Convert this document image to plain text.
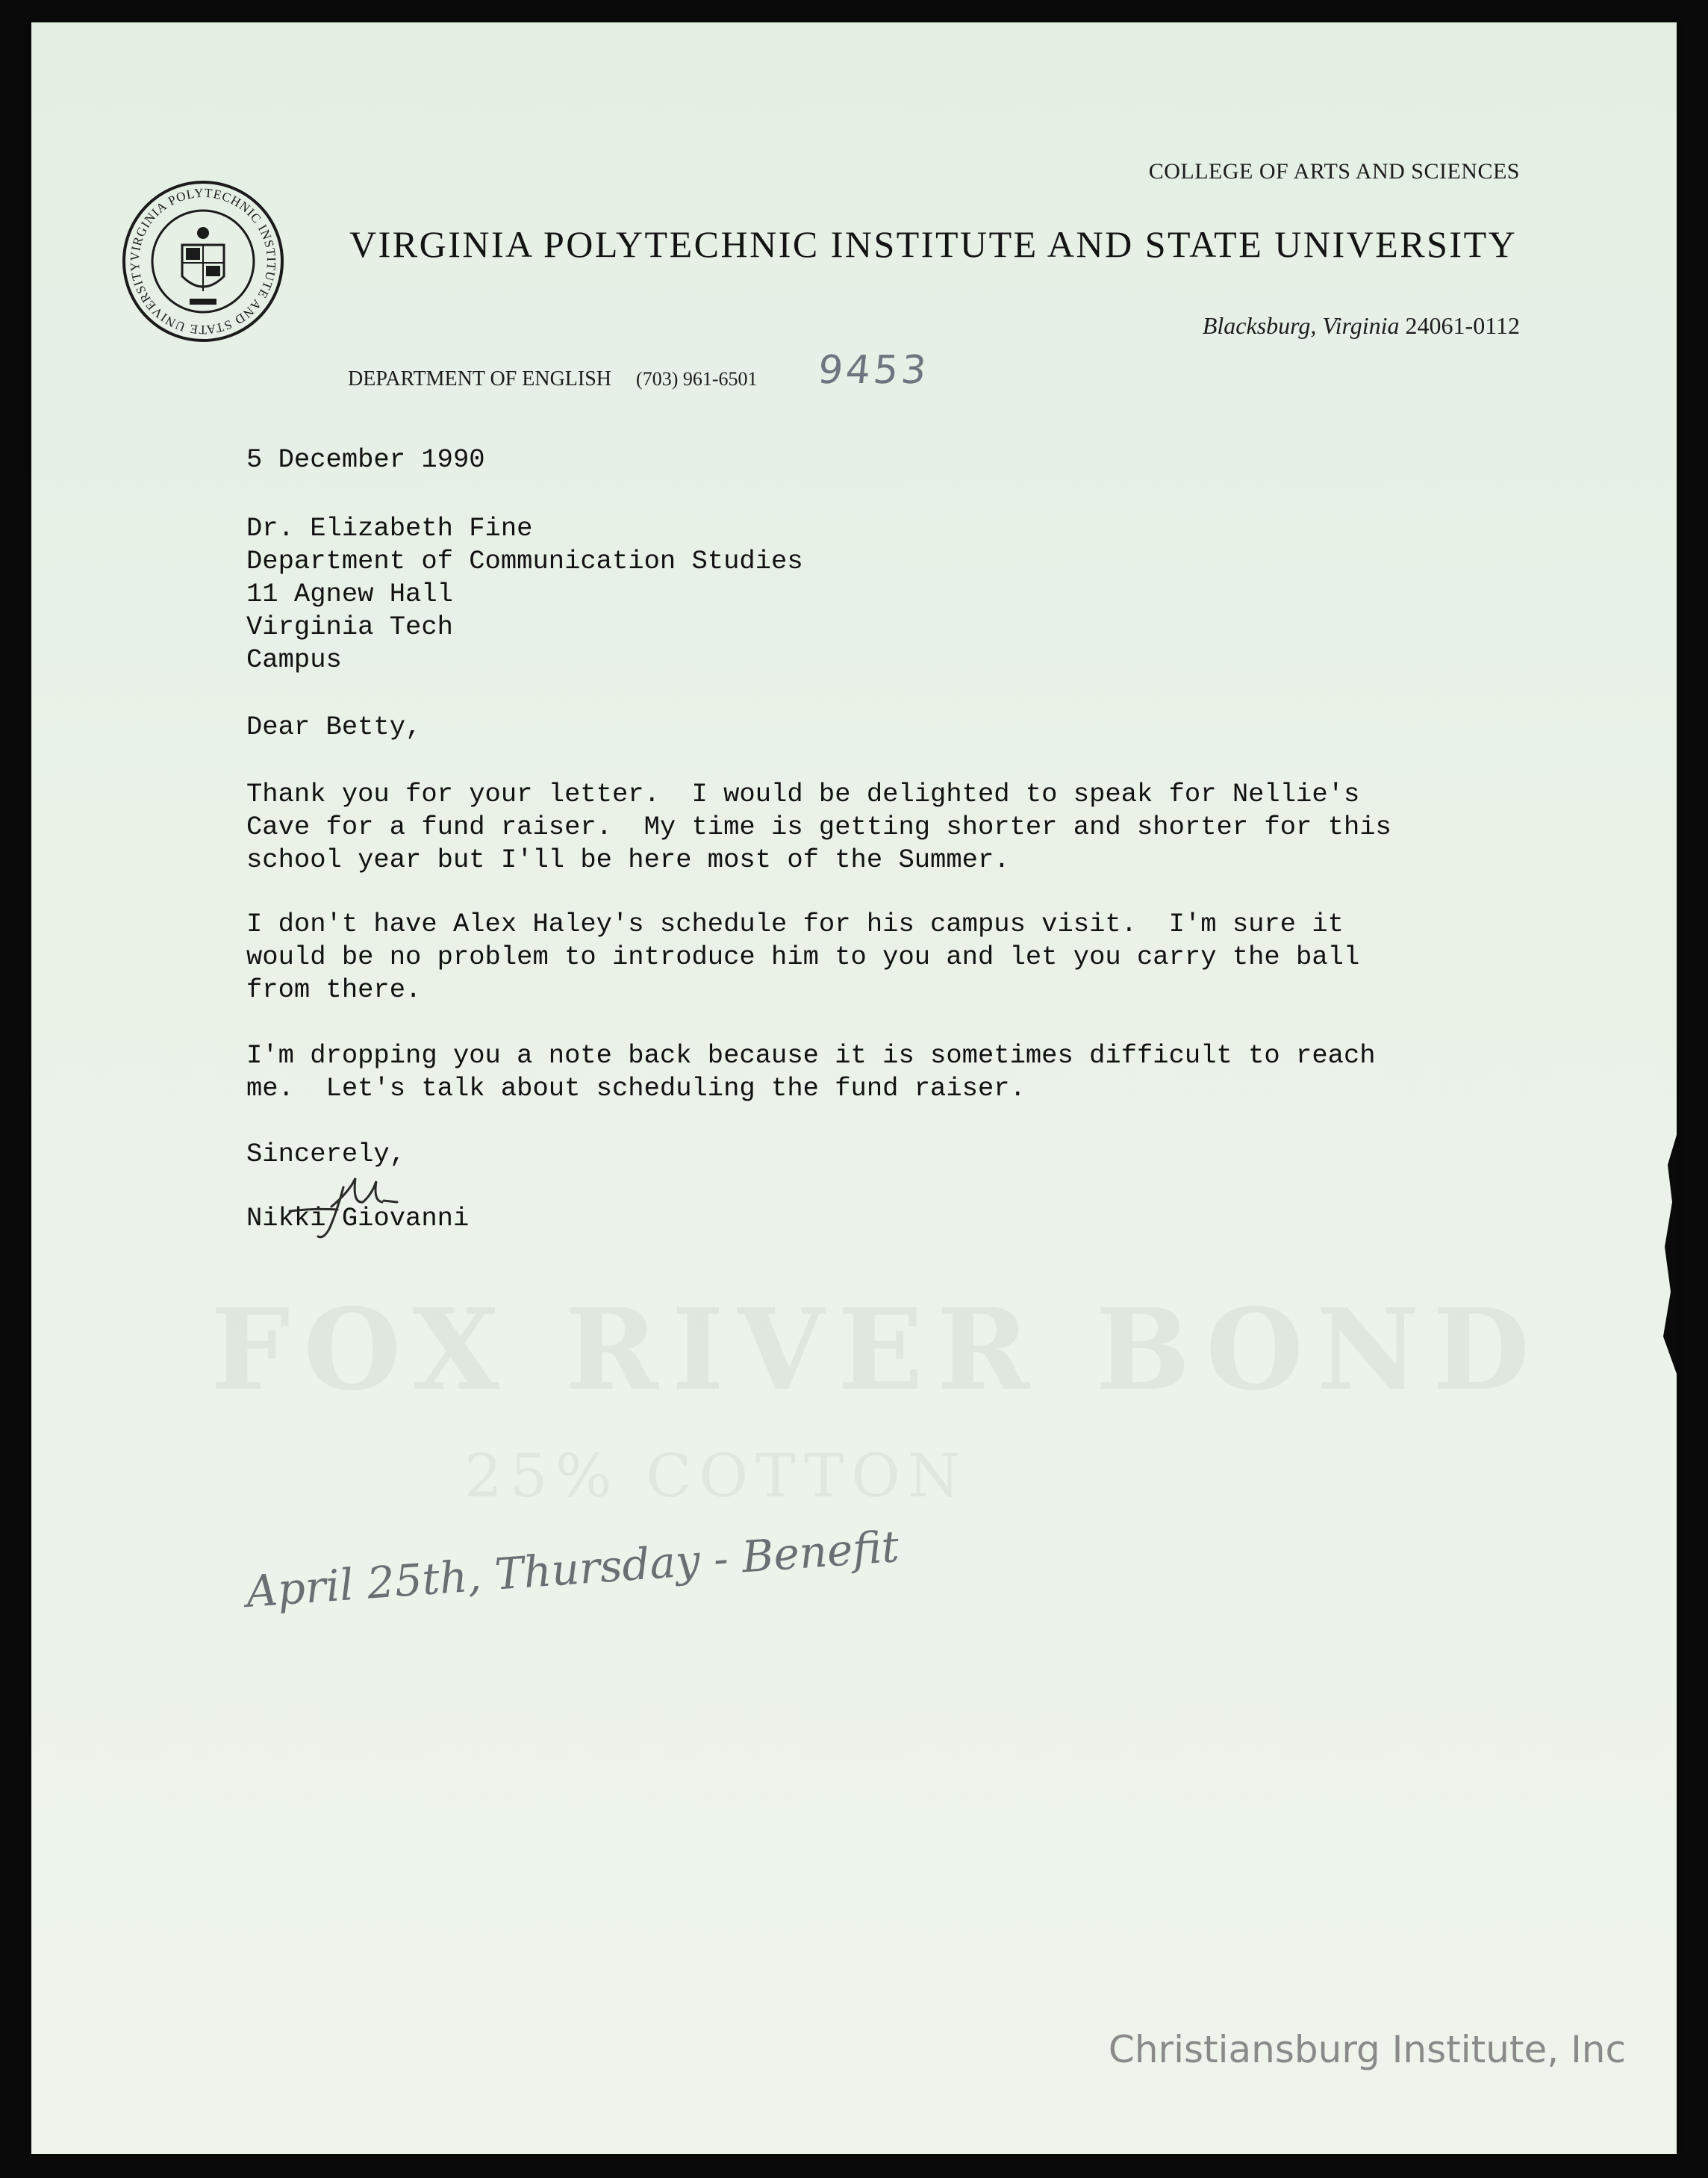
VIRGINIA POLYTECHNIC INSTITUTE AND STATE UNIVERSITY
COLLEGE OF ARTS AND SCIENCES
VIRGINIA POLYTECHNIC INSTITUTE AND STATE UNIVERSITY
Blacksburg, Virginia 24061-0112
DEPARTMENT OF ENGLISH (703) 961-6501 9453
5 December 1990
Dr. Elizabeth Fine
Department of Communication Studies
11 Agnew Hall
Virginia Tech
Campus
Dear Betty,
Thank you for your letter.  I would be delighted to speak for Nellie's
Cave for a fund raiser.  My time is getting shorter and shorter for this
school year but I'll be here most of the Summer.
I don't have Alex Haley's schedule for his campus visit.  I'm sure it
would be no problem to introduce him to you and let you carry the ball
from there.
I'm dropping you a note back because it is sometimes difficult to reach
me.  Let's talk about scheduling the fund raiser.
Sincerely,
Nikki Giovanni
FOX RIVER BOND
25% COTTON
April 25th, Thursday - Benefit
Christiansburg Institute, Inc
